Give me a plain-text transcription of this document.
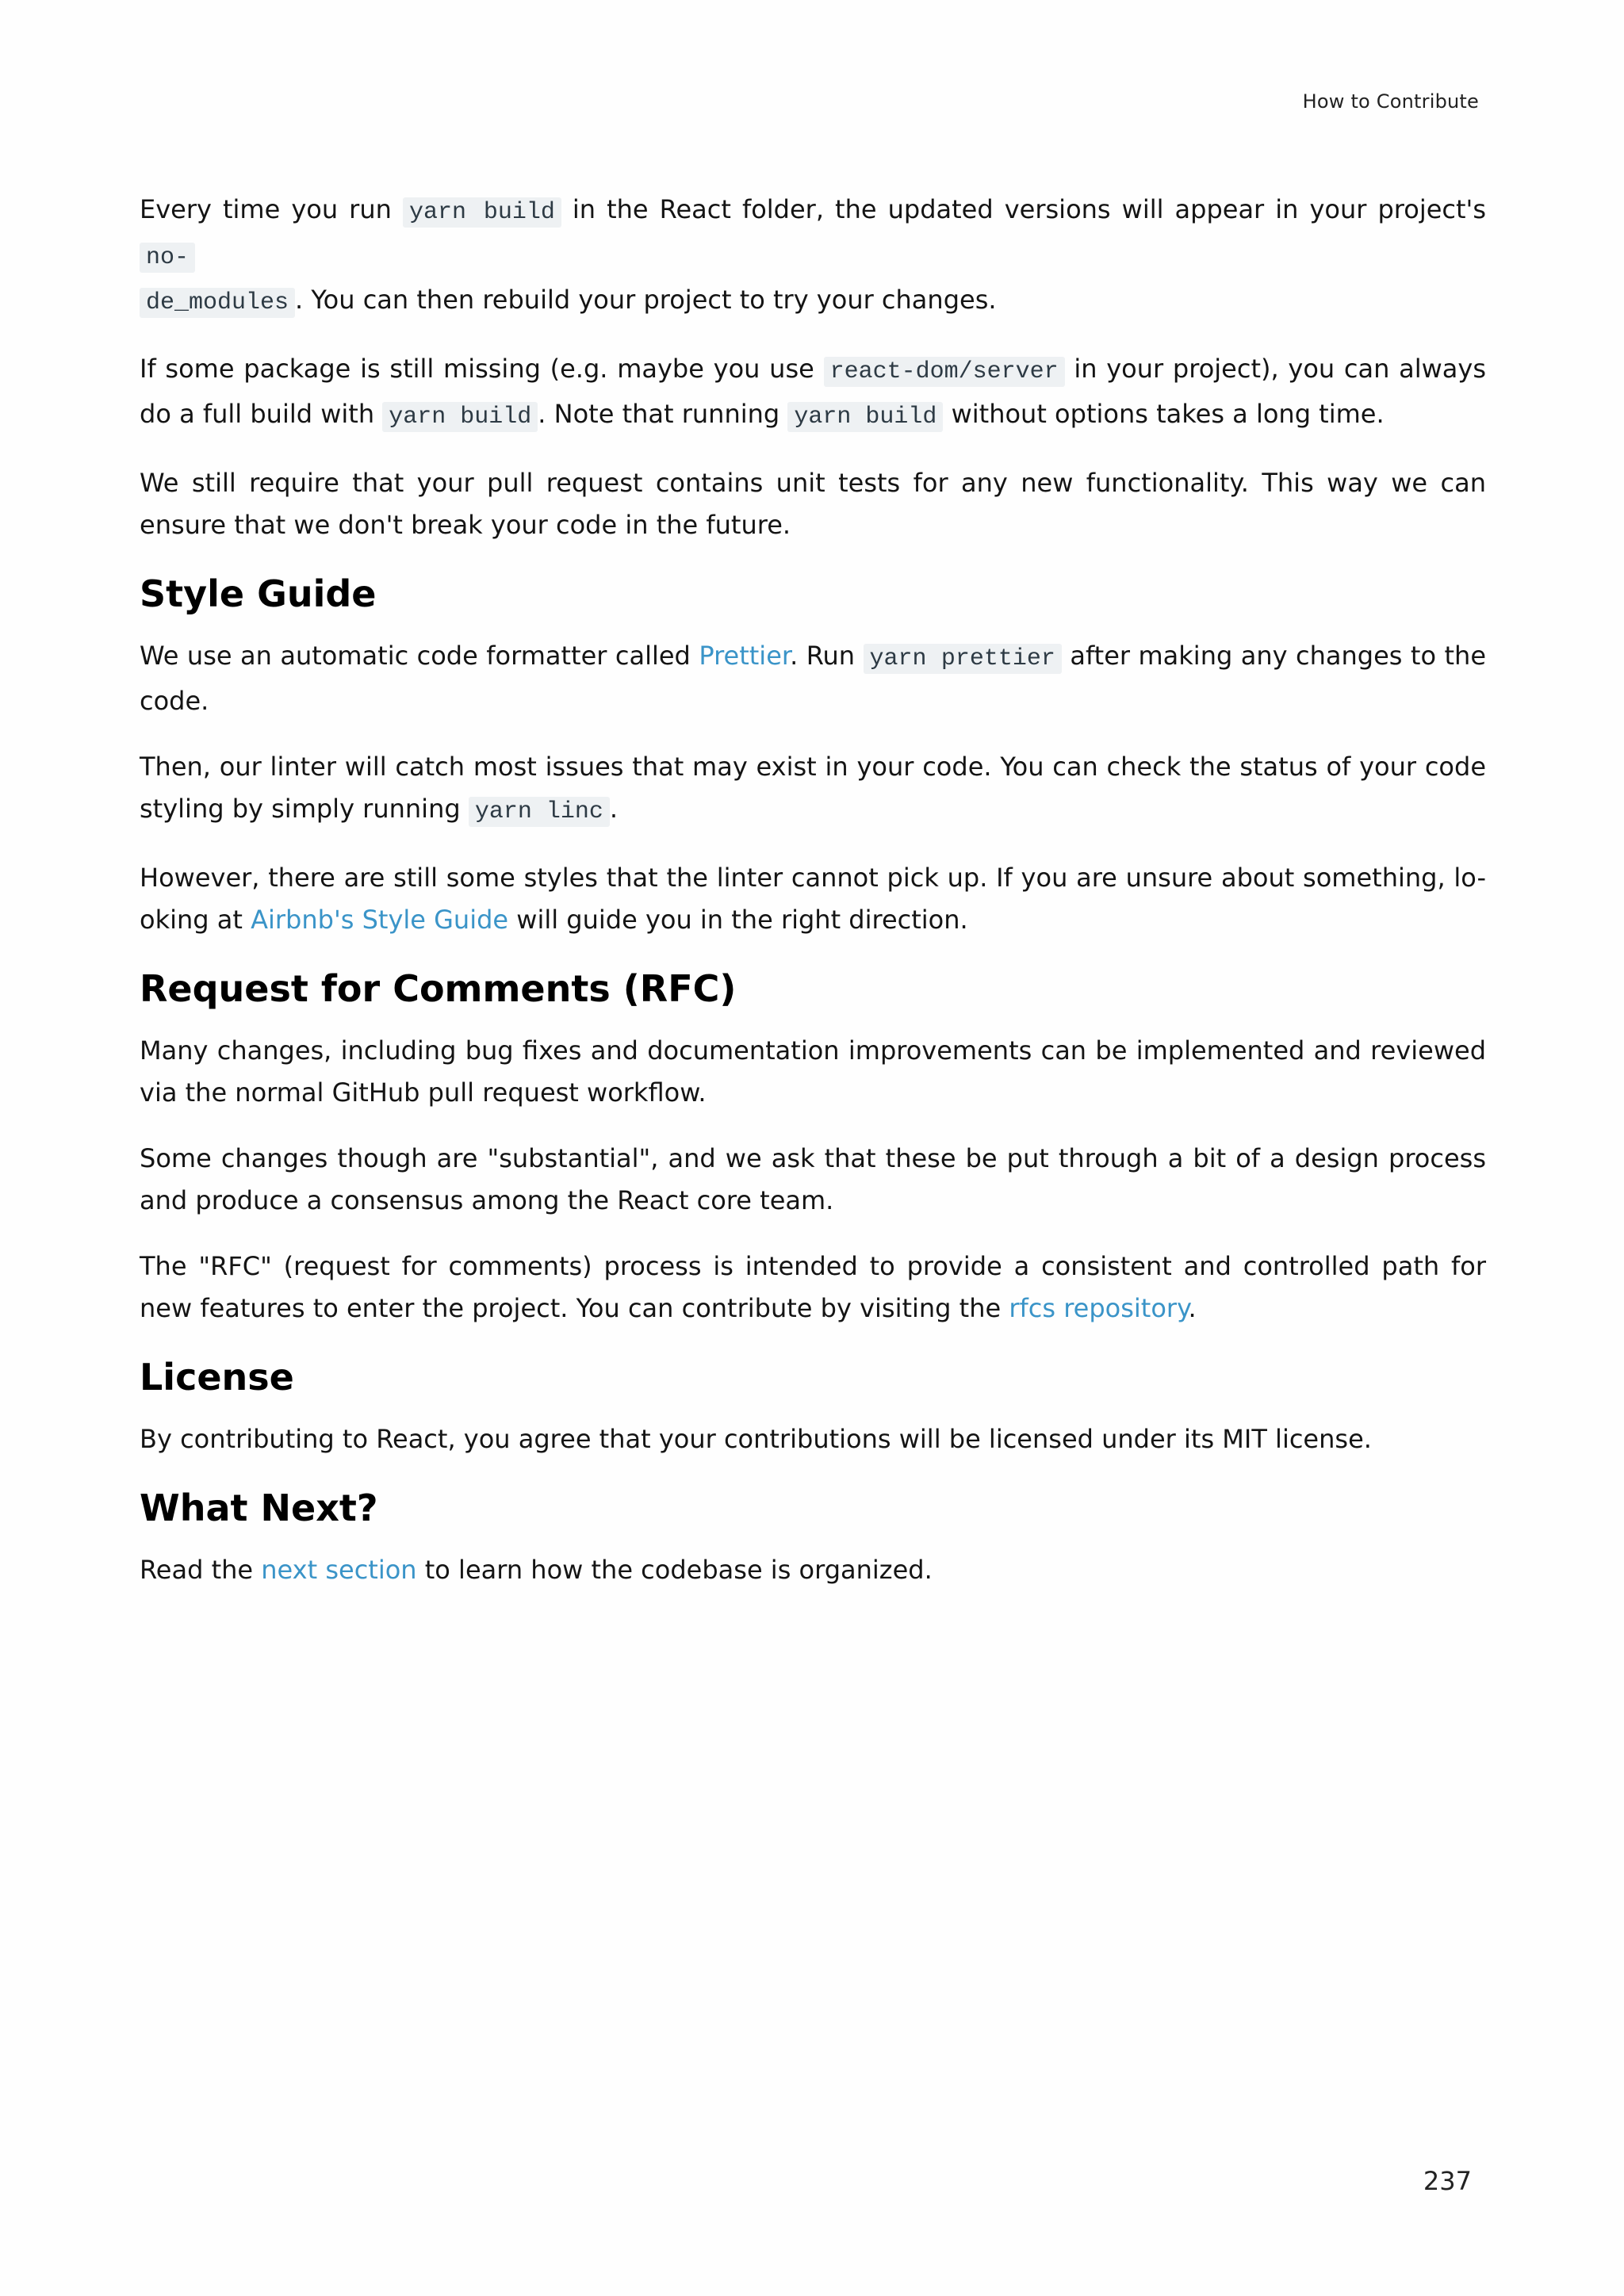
How to Contribute

Every time you run yarn build in the React folder, the updated versions will appear in your project's no-
de_modules . You can then rebuild your project to try your changes.

If some package is still missing (e.g. maybe you use react-dom/server in your project), you can always do a full build with yarn build . Note that running yarn build without options takes a long time.

We still require that your pull request contains unit tests for any new functionality. This way we can ensure that we don't break your code in the future.

Style Guide

We use an automatic code formatter called Prettier. Run yarn prettier after making any changes to the code.

Then, our linter will catch most issues that may exist in your code. You can check the status of your code styling by simply running yarn linc .

However, there are still some styles that the linter cannot pick up. If you are unsure about something, lo-oking at Airbnb's Style Guide will guide you in the right direction.

Request for Comments (RFC)

Many changes, including bug fixes and documentation improvements can be implemented and reviewed via the normal GitHub pull request workflow.

Some changes though are "substantial", and we ask that these be put through a bit of a design process and produce a consensus among the React core team.

The "RFC" (request for comments) process is intended to provide a consistent and controlled path for new features to enter the project. You can contribute by visiting the rfcs repository.

License

By contributing to React, you agree that your contributions will be licensed under its MIT license.

What Next?

Read the next section to learn how the codebase is organized.

237
